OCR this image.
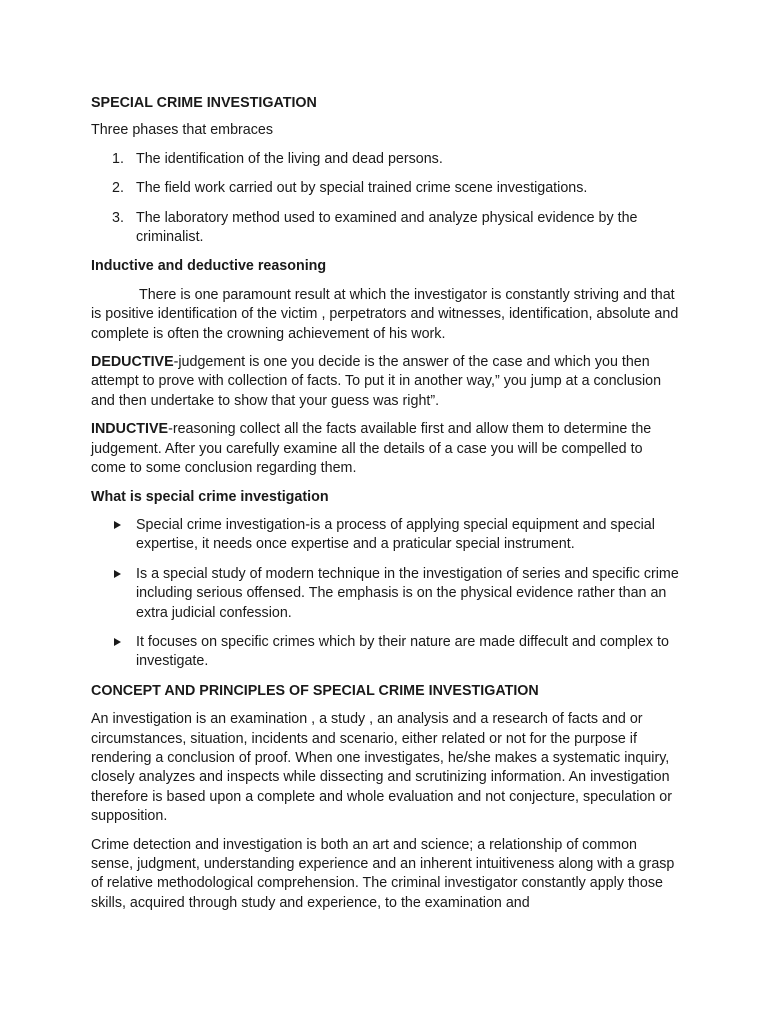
SPECIAL CRIME INVESTIGATION
Three phases that embraces
1. The identification of the living and dead persons.
2. The field work carried out by special trained crime scene investigations.
3. The laboratory method used to examined and analyze physical evidence by the criminalist.
Inductive and deductive reasoning
There is one paramount result at which the investigator is constantly striving and that is positive identification of the victim , perpetrators and witnesses, identification, absolute and complete is often the crowning achievement of his work.
DEDUCTIVE-judgement is one you decide is the answer of the case and which you then attempt to prove with collection of facts. To put it in another way,” you jump at a conclusion and then undertake to show that your guess was right”.
INDUCTIVE-reasoning collect all the facts available first and allow them to determine the judgement. After you carefully examine all the details of a case you will be compelled to come to some conclusion regarding them.
What is special crime investigation
Special crime investigation-is a process of applying special equipment and special expertise, it needs once expertise and a praticular special instrument.
Is a special study of modern technique in the investigation of series and specific crime including serious offensed. The emphasis is on the physical evidence rather than an extra judicial confession.
It focuses on specific crimes which by their nature are made diffecult and complex to investigate.
CONCEPT AND PRINCIPLES OF SPECIAL CRIME INVESTIGATION
An investigation is an examination , a study , an analysis and a research of facts and or circumstances, situation, incidents and scenario, either related or not for the purpose if rendering a conclusion of proof. When one investigates, he/she makes a systematic inquiry, closely analyzes and inspects while dissecting and scrutinizing information. An investigation therefore is based upon a complete and whole evaluation and not conjecture, speculation or supposition.
Crime detection and investigation is both an art and science; a relationship of common sense, judgment, understanding experience and an inherent intuitiveness along with a grasp of relative methodological comprehension. The criminal investigator constantly apply those skills, acquired through study and experience, to the examination and
